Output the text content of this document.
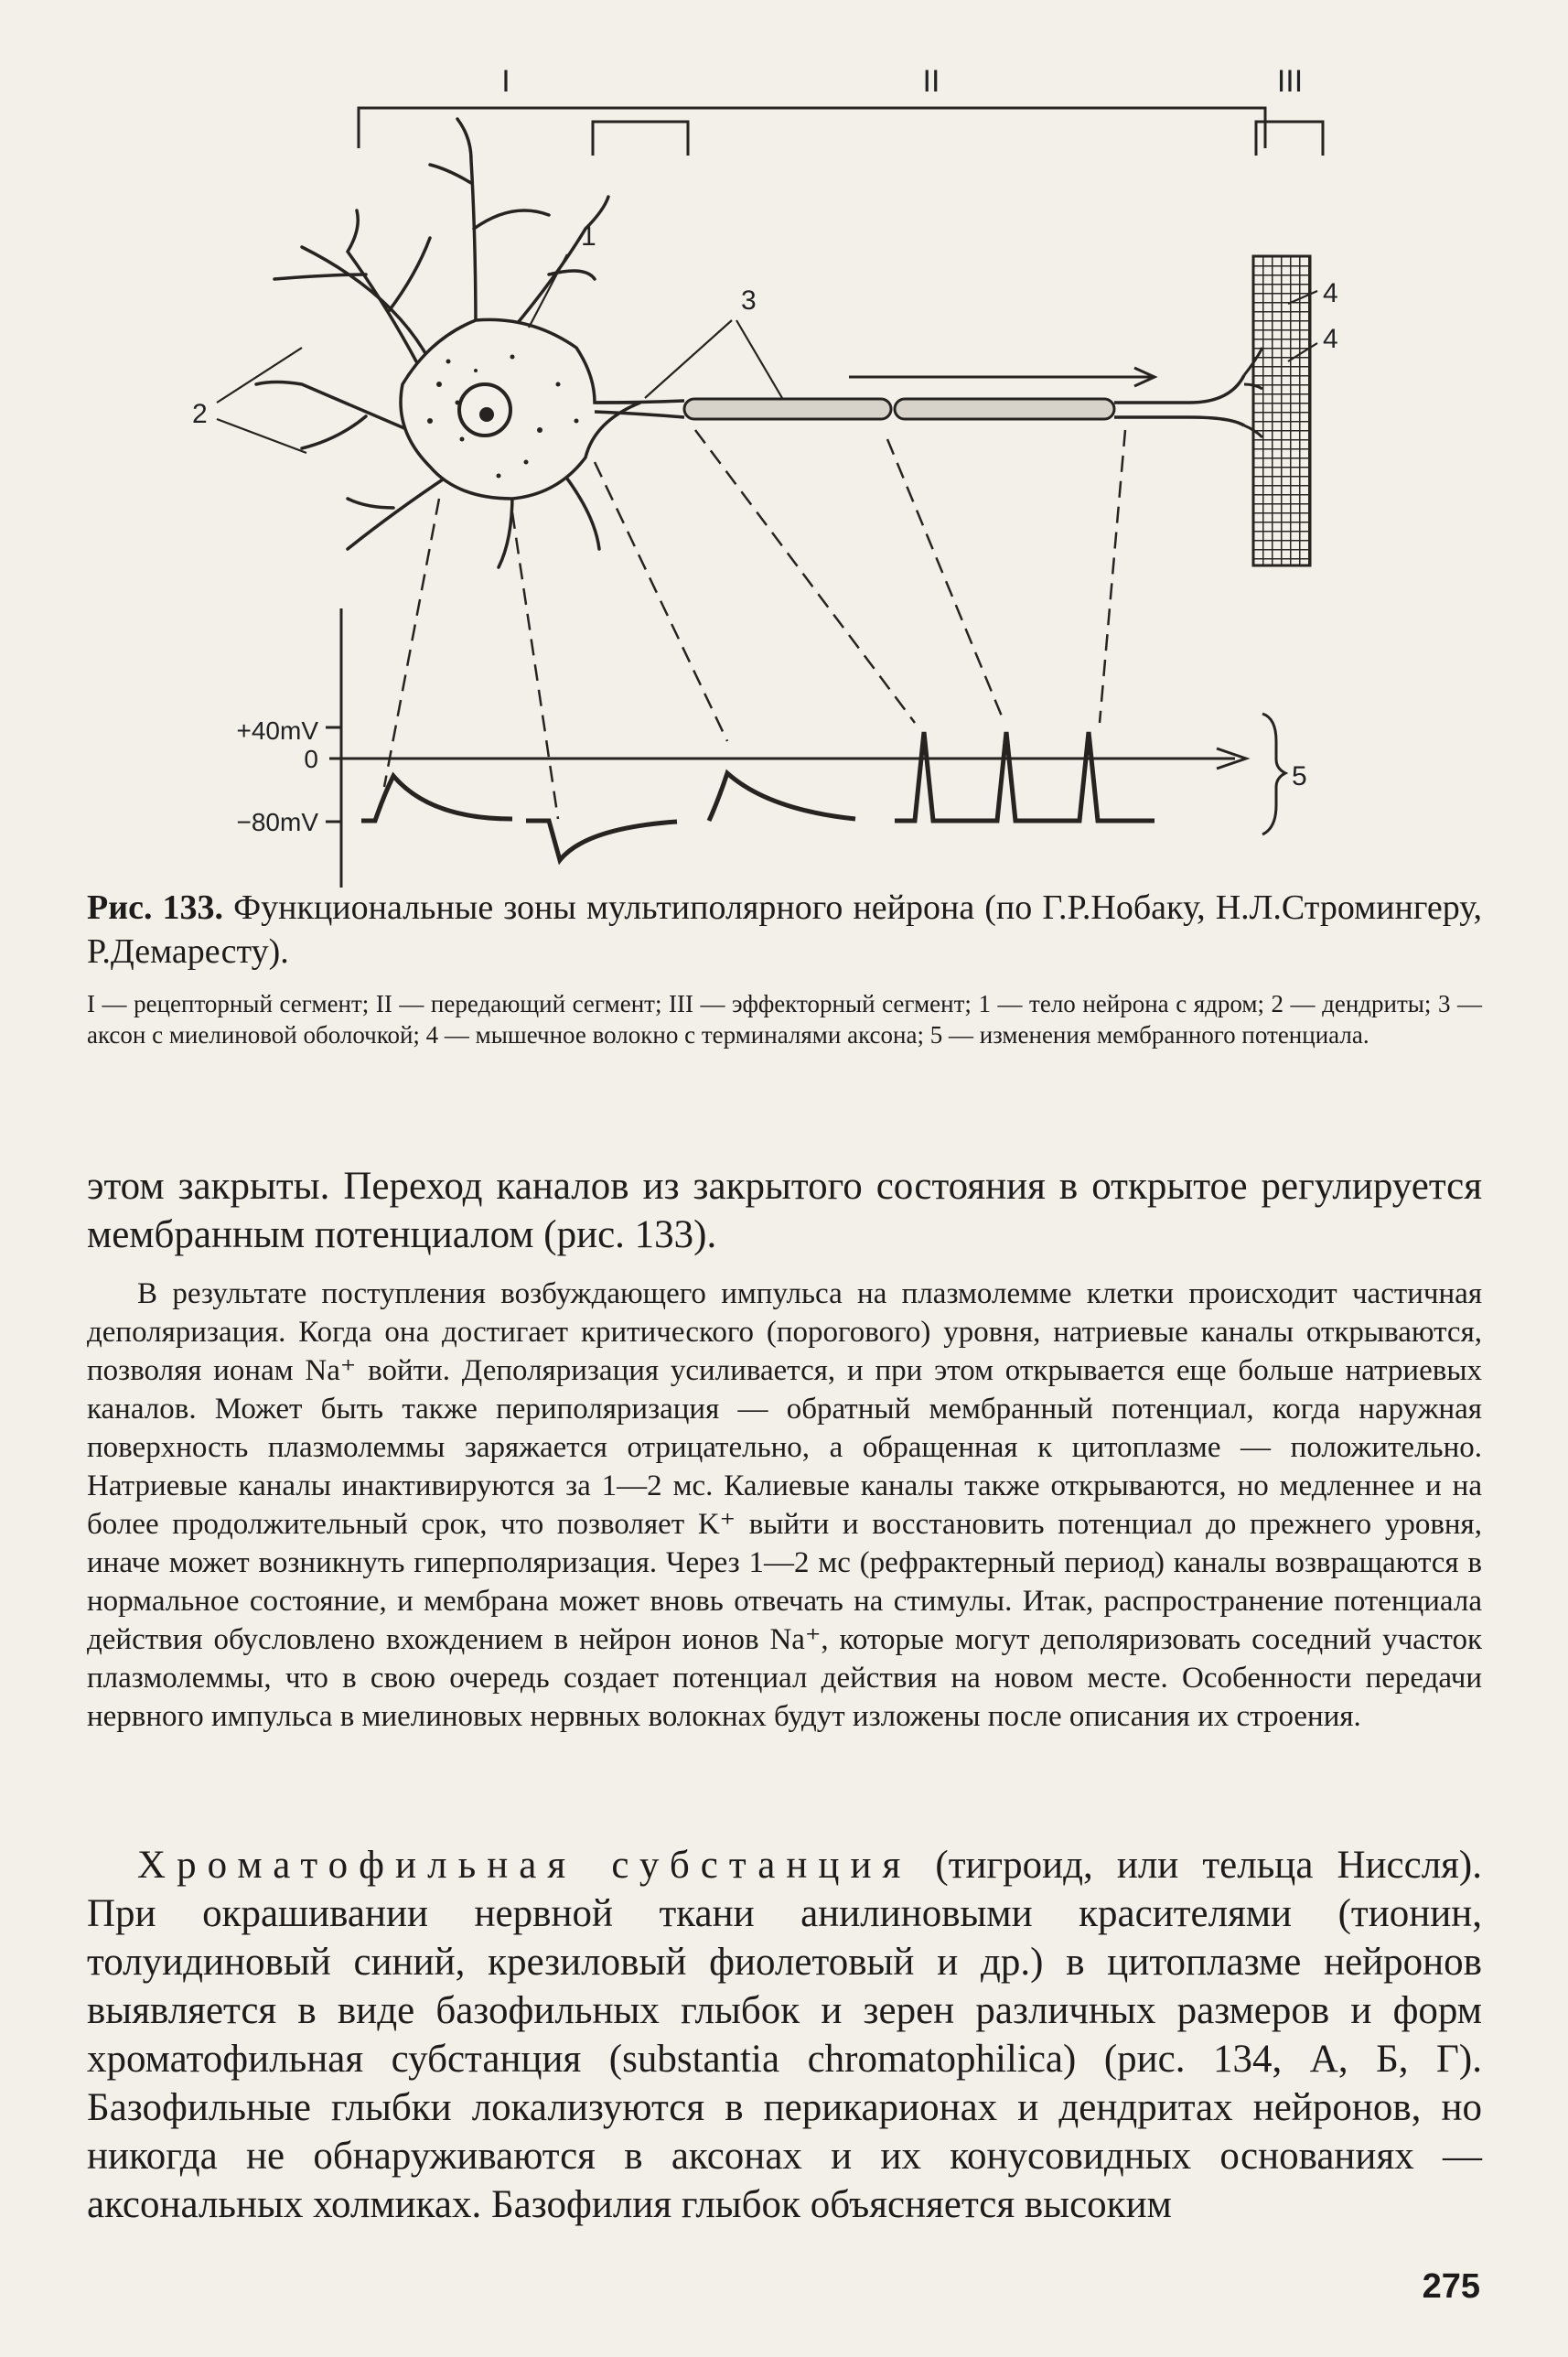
I	II	III
1
2
3	4
4
+40mV
0
−80mV
5

Рис. 133. Функциональные зоны мультиполярного нейрона (по Г.Р.Нобаку, Н.Л.Стромингеру, Р.Демаресту).

I — рецепторный сегмент; II — передающий сегмент; III — эффекторный сегмент; 1 — тело нейрона с ядром; 2 — дендриты; 3 — аксон с миелиновой оболочкой; 4 — мышечное волокно с терминалями аксона; 5 — изменения мембранного потенциала.

этом закрыты. Переход каналов из закрытого состояния в открытое регулируется мембранным потенциалом (рис. 133).

В результате поступления возбуждающего импульса на плазмолемме клетки происходит частичная деполяризация. Когда она достигает критического (порогового) уровня, натриевые каналы открываются, позволяя ионам Na⁺ войти. Деполяризация усиливается, и при этом открывается еще больше натриевых каналов. Может быть также периполяризация — обратный мембранный потенциал, когда наружная поверхность плазмолеммы заряжается отрицательно, а обращенная к цитоплазме — положительно. Натриевые каналы инактивируются за 1—2 мс. Калиевые каналы также открываются, но медленнее и на более продолжительный срок, что позволяет K⁺ выйти и восстановить потенциал до прежнего уровня, иначе может возникнуть гиперполяризация. Через 1—2 мс (рефрактерный период) каналы возвращаются в нормальное состояние, и мембрана может вновь отвечать на стимулы. Итак, распространение потенциала действия обусловлено вхождением в нейрон ионов Na⁺, которые могут деполяризовать соседний участок плазмолеммы, что в свою очередь создает потенциал действия на новом месте. Особенности передачи нервного импульса в миелиновых нервных волокнах будут изложены после описания их строения.

Хроматофильная субстанция (тигроид, или тельца Ниссля). При окрашивании нервной ткани анилиновыми красителями (тионин, толуидиновый синий, крезиловый фиолетовый и др.) в цитоплазме нейронов выявляется в виде базофильных глыбок и зерен различных размеров и форм хроматофильная субстанция (substantia chromatophilica) (рис. 134, А, Б, Г). Базофильные глыбки локализуются в перикарионах и дендритах нейронов, но никогда не обнаруживаются в аксонах и их конусовидных основаниях — аксональных холмиках. Базофилия глыбок объясняется высоким

275
